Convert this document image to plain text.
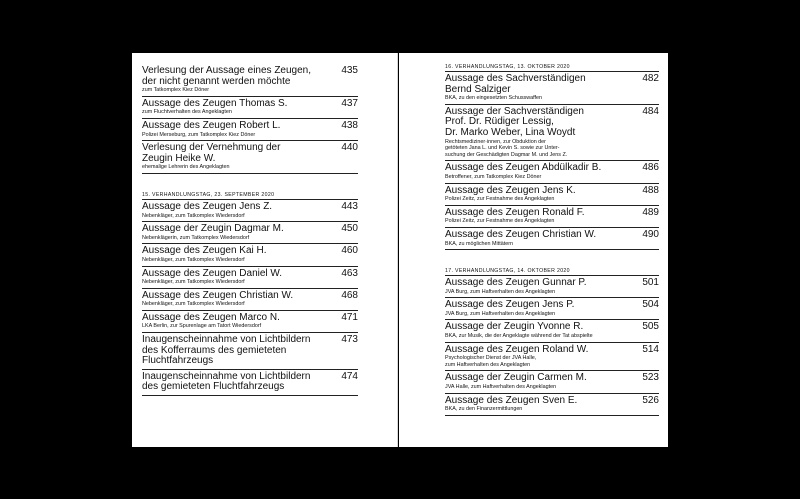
Verlesung der Aussage eines Zeugen,
der nicht genannt werden möchte
zum Tatkomplex Kiez Döner
435
Aussage des Zeugen Thomas S.
zum Fluchtverhalten des Angeklagten
437
Aussage des Zeugen Robert L.
Polizei Merseburg, zum Tatkomplex Kiez Döner
438
Verlesung der Vernehmung der
Zeugin Heike W.
ehemalige Lehrerin des Angeklagten
440
15. VERHANDLUNGSTAG, 23. SEPTEMBER 2020
Aussage des Zeugen Jens Z.
Nebenkläger, zum Tatkomplex Wiedersdorf
443
Aussage der Zeugin Dagmar M.
Nebenklägerin, zum Tatkomplex Wiedersdorf
450
Aussage des Zeugen Kai H.
Nebenkläger, zum Tatkomplex Wiedersdorf
460
Aussage des Zeugen Daniel W.
Nebenkläger, zum Tatkomplex Wiedersdorf
463
Aussage des Zeugen Christian W.
Nebenkläger, zum Tatkomplex Wiedersdorf
468
Aussage des Zeugen Marco N.
LKA Berlin, zur Spurenlage am Tatort Wiedersdorf
471
Inaugenscheinnahme von Lichtbildern
des Kofferraums des gemieteten
Fluchtfahrzeugs
473
Inaugenscheinnahme von Lichtbildern
des gemieteten Fluchtfahrzeugs
474
16. VERHANDLUNGSTAG, 13. OKTOBER 2020
Aussage des Sachverständigen
Bernd Salziger
BKA, zu den eingesetzten Schusswaffen
482
Aussage der Sachverständigen
Prof. Dr. Rüdiger Lessig,
Dr. Marko Weber, Lina Woydt
Rechtsmediziner·innen, zur Obduktion der
getöteten Jana L. und Kevin S. sowie zur Unter-
suchung der Geschädigten Dagmar M. und Jens Z.
484
Aussage des Zeugen Abdülkadir B.
Betroffener, zum Tatkomplex Kiez Döner
486
Aussage des Zeugen Jens K.
Polizei Zeitz, zur Festnahme des Angeklagten
488
Aussage des Zeugen Ronald F.
Polizei Zeitz, zur Festnahme des Angeklagten
489
Aussage des Zeugen Christian W.
BKA, zu möglichen Mittätern
490
17. VERHANDLUNGSTAG, 14. OKTOBER 2020
Aussage des Zeugen Gunnar P.
JVA Burg, zum Haftverhalten des Angeklagten
501
Aussage des Zeugen Jens P.
JVA Burg, zum Haftverhalten des Angeklagten
504
Aussage der Zeugin Yvonne R.
BKA, zur Musik, die der Angeklagte während der Tat abspielte
505
Aussage des Zeugen Roland W.
Psychologischer Dienst der JVA Halle,
zum Haftverhalten des Angeklagten
514
Aussage der Zeugin Carmen M.
JVA Halle, zum Haftverhalten des Angeklagten
523
Aussage des Zeugen Sven E.
BKA, zu den Finanzermittlungen
526
